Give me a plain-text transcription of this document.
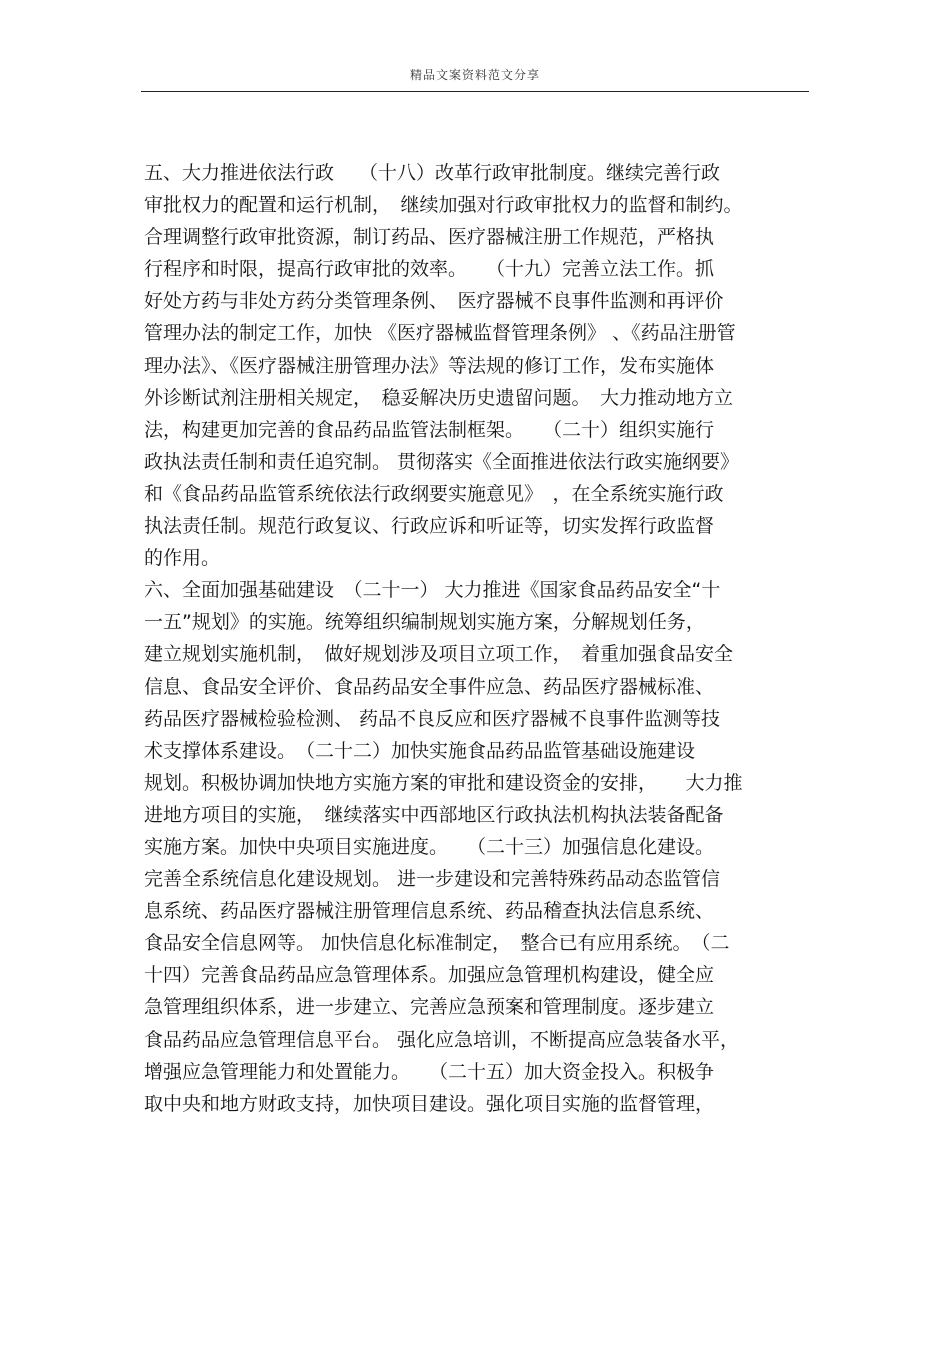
精品文案资料范文分享
五、大力推进依法行政　 （十八）改革行政审批制度。继续完善行政
审批权力的配置和运行机制，　继续加强对行政审批权力的监督和制约。
合理调整行政审批资源，制订药品、医疗器械注册工作规范，严格执
行程序和时限，提高行政审批的效率。　　（十九）完善立法工作。抓
好处方药与非处方药分类管理条例、　医疗器械不良事件监测和再评价
管理办法的制定工作，加快 《医疗器械监督管理条例》 、《药品注册管
理办法》、《医疗器械注册管理办法》等法规的修订工作，发布实施体
外诊断试剂注册相关规定，　稳妥解决历史遗留问题。　大力推动地方立
法，构建更加完善的食品药品监管法制框架。　　（二十）组织实施行
政执法责任制和责任追究制。 贯彻落实《全面推进依法行政实施纲要》
和《食品药品监管系统依法行政纲要实施意见》　，在全系统实施行政
执法责任制。规范行政复议、行政应诉和听证等，切实发挥行政监督
的作用。
六、全面加强基础建设　（二十一） 大力推进《国家食品药品安全“十
一五”规划》的实施。统筹组织编制规划实施方案，分解规划任务，
建立规划实施机制，　做好规划涉及项目立项工作，　着重加强食品安全
信息、食品安全评价、食品药品安全事件应急、药品医疗器械标准、
药品医疗器械检验检测、 药品不良反应和医疗器械不良事件监测等技
术支撑体系建设。　（二十二）加快实施食品药品监管基础设施建设
规划。积极协调加快地方实施方案的审批和建设资金的安排，　　大力推
进地方项目的实施，　继续落实中西部地区行政执法机构执法装备配备
实施方案。加快中央项目实施进度。　　（二十三）加强信息化建设。
完善全系统信息化建设规划。 进一步建设和完善特殊药品动态监管信
息系统、药品医疗器械注册管理信息系统、药品稽查执法信息系统、
食品安全信息网等。 加快信息化标准制定，　整合已有应用系统。　（二
十四）完善食品药品应急管理体系。加强应急管理机构建设，健全应
急管理组织体系，进一步建立、完善应急预案和管理制度。逐步建立
食品药品应急管理信息平台。 强化应急培训，不断提高应急装备水平，
增强应急管理能力和处置能力。　　（二十五）加大资金投入。积极争
取中央和地方财政支持，加快项目建设。强化项目实施的监督管理，
